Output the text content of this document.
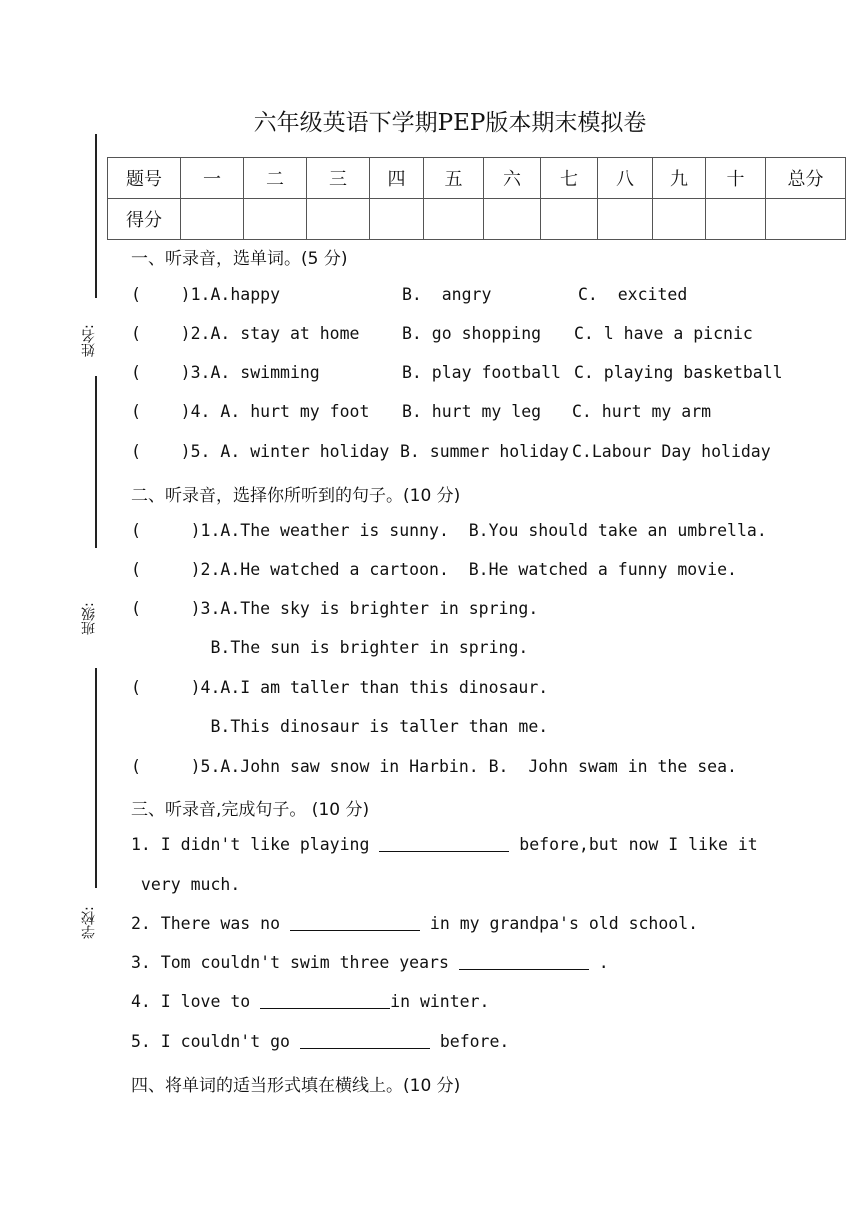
六年级英语下学期PEP版本期末模拟卷
姓名:
班级:
学校:
题号	一	二	三	四	五	六	七	八	九	十	总分
得分											
一、听录音，选单词。(5 分)
(    )1.A.happy	B.  angry	C.  excited
(    )2.A. stay at home	B. go shopping C. l have a picnic
(    )3.A. swimming	B. play football C. playing basketball
(    )4. A. hurt my foot B. hurt my leg C. hurt my arm
(    )5. A. winter holiday B. summer holiday C.Labour Day holiday
二、听录音，选择你所听到的句子。(10 分)
(     )1.A.The weather is sunny.  B.You should take an umbrella.
(     )2.A.He watched a cartoon.  B.He watched a funny movie.
(     )3.A.The sky is brighter in spring.
B.The sun is brighter in spring.
(     )4.A.I am taller than this dinosaur.
B.This dinosaur is taller than me.
(     )5.A.John saw snow in Harbin. B.  John swam in the sea.
三、听录音,完成句子。 (10 分)
1. I didn't like playing	before,but now I like it
very much.
2. There was no	in my grandpa's old school.
3. Tom couldn't swim three years	.
4. I love to	in winter.
5. I couldn't go	before.
四、将单词的适当形式填在横线上。(10 分)
